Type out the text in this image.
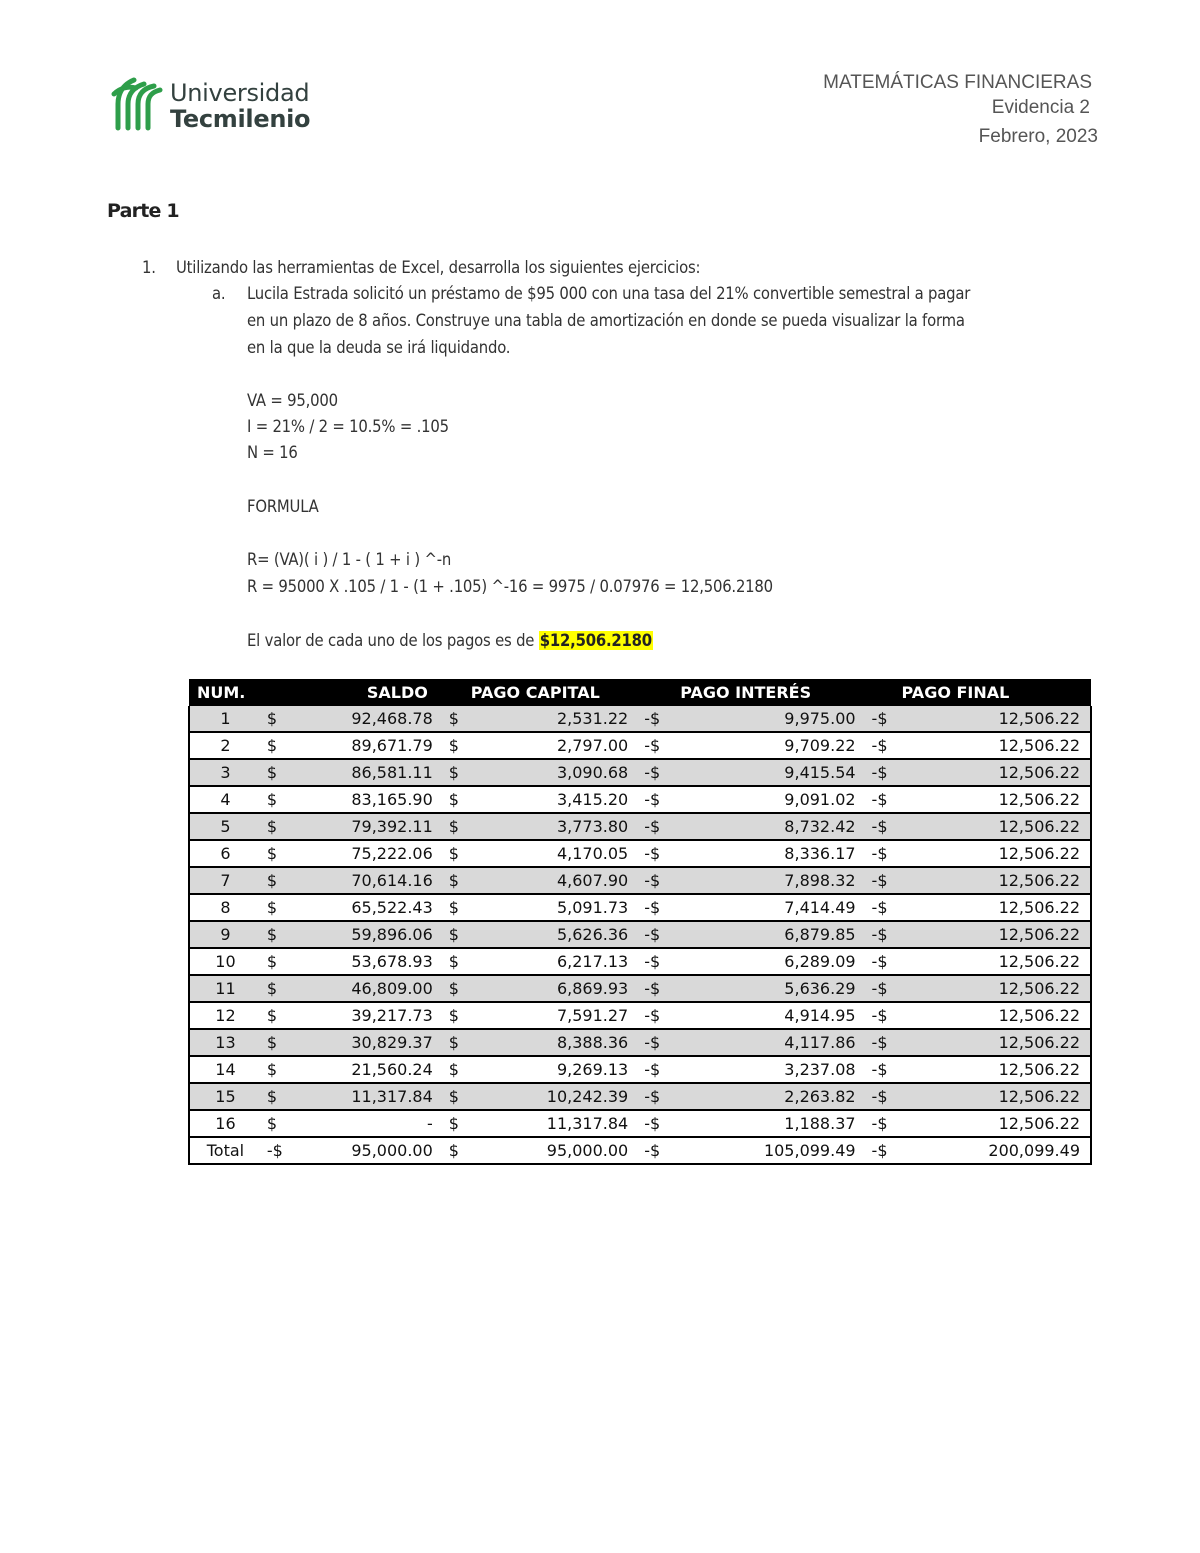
Universidad
Tecmilenio
MATEMÁTICAS FINANCIERAS
Evidencia 2
Febrero, 2023
Parte 1
1. Utilizando las herramientas de Excel, desarrolla los siguientes ejercicios:
a. Lucila Estrada solicitó un préstamo de $95 000 con una tasa del 21% convertible semestral a pagar
en un plazo de 8 años. Construye una tabla de amortización en donde se pueda visualizar la forma
en la que la deuda se irá liquidando.
VA = 95,000
I = 21% / 2 = 10.5% = .105
N = 16
FORMULA
R= (VA)( i ) / 1 - ( 1 + i ) ^-n
R = 95000 X .105 / 1 - (1 + .105) ^-16 = 9975 / 0.07976 = 12,506.2180
El valor de cada uno de los pagos es de $12,506.2180
NUM.	SALDO		PAGO CAPITAL		PAGO INTERÉS		PAGO FINAL	
1	$	92,468.78	$	2,531.22	-$	9,975.00	-$	12,506.22
2	$	89,671.79	$	2,797.00	-$	9,709.22	-$	12,506.22
3	$	86,581.11	$	3,090.68	-$	9,415.54	-$	12,506.22
4	$	83,165.90	$	3,415.20	-$	9,091.02	-$	12,506.22
5	$	79,392.11	$	3,773.80	-$	8,732.42	-$	12,506.22
6	$	75,222.06	$	4,170.05	-$	8,336.17	-$	12,506.22
7	$	70,614.16	$	4,607.90	-$	7,898.32	-$	12,506.22
8	$	65,522.43	$	5,091.73	-$	7,414.49	-$	12,506.22
9	$	59,896.06	$	5,626.36	-$	6,879.85	-$	12,506.22
10	$	53,678.93	$	6,217.13	-$	6,289.09	-$	12,506.22
11	$	46,809.00	$	6,869.93	-$	5,636.29	-$	12,506.22
12	$	39,217.73	$	7,591.27	-$	4,914.95	-$	12,506.22
13	$	30,829.37	$	8,388.36	-$	4,117.86	-$	12,506.22
14	$	21,560.24	$	9,269.13	-$	3,237.08	-$	12,506.22
15	$	11,317.84	$	10,242.39	-$	2,263.82	-$	12,506.22
16	$	-	$	11,317.84	-$	1,188.37	-$	12,506.22
Total	-$	95,000.00	$	95,000.00	-$	105,099.49	-$	200,099.49
